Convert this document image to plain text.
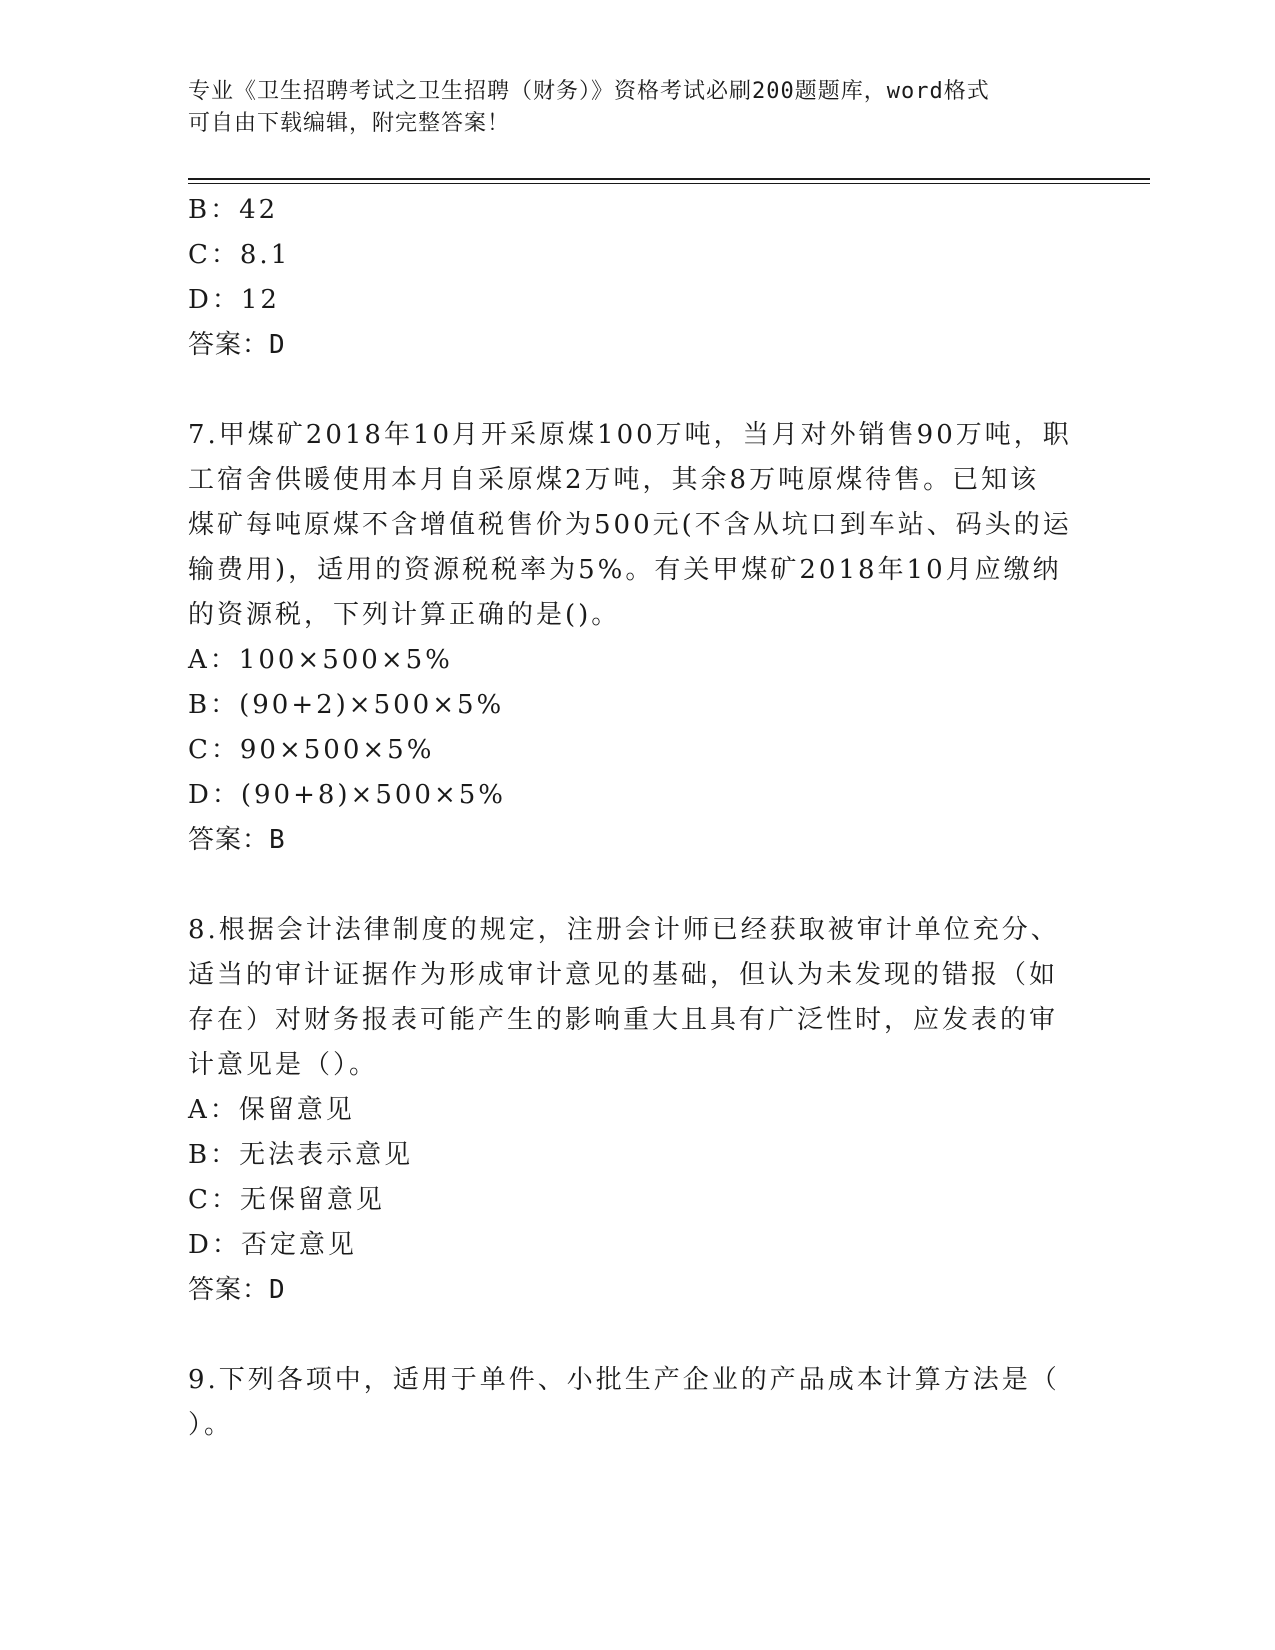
专业《卫生招聘考试之卫生招聘（财务）》资格考试必刷200题题库，word格式
可自由下载编辑，附完整答案！
B：42
C：8.1
D：12
答案：D
7.甲煤矿2018年10月开采原煤100万吨，当月对外销售90万吨，职
工宿舍供暖使用本月自采原煤2万吨，其余8万吨原煤待售。已知该
煤矿每吨原煤不含增值税售价为500元(不含从坑口到车站、码头的运
输费用)，适用的资源税税率为5%。有关甲煤矿2018年10月应缴纳
的资源税，下列计算正确的是()。
A：100×500×5%
B：(90+2)×500×5%
C：90×500×5%
D：(90+8)×500×5%
答案：B
8.根据会计法律制度的规定，注册会计师已经获取被审计单位充分、
适当的审计证据作为形成审计意见的基础，但认为未发现的错报（如
存在）对财务报表可能产生的影响重大且具有广泛性时，应发表的审
计意见是（）。
A：保留意见
B：无法表示意见
C：无保留意见
D：否定意见
答案：D
9.下列各项中，适用于单件、小批生产企业的产品成本计算方法是（
）。
